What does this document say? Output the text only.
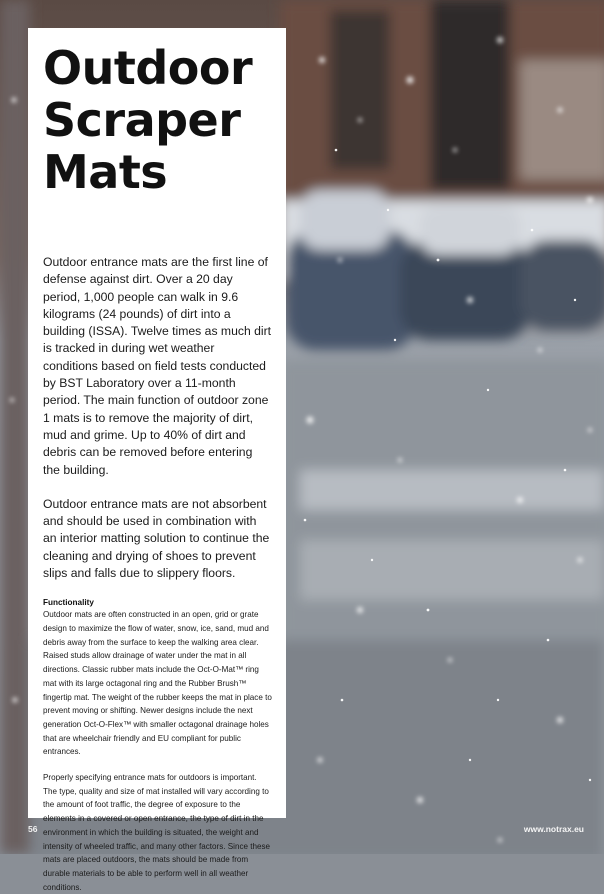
Outdoor
Scraper
Mats

Outdoor entrance mats are the first line of defense against dirt. Over a 20 day period, 1,000 people can walk in 9.6 kilograms (24 pounds) of dirt into a building (ISSA). Twelve times as much dirt is tracked in during wet weather conditions based on field tests conducted by BST Laboratory over a 11-month period. The main function of outdoor zone 1 mats is to remove the majority of dirt, mud and grime. Up to 40% of dirt and debris can be removed before entering the building.

Outdoor entrance mats are not absorbent and should be used in combination with an interior matting solution to continue the cleaning and drying of shoes to prevent slips and falls due to slippery floors.

Functionality

Outdoor mats are often constructed in an open, grid or grate design to maximize the flow of water, snow, ice, sand, mud and debris away from the surface to keep the walking area clear. Raised studs allow drainage of water under the mat in all directions. Classic rubber mats include the Oct-O-Mat™ ring mat with its large octagonal ring and the Rubber Brush™ fingertip mat. The weight of the rubber keeps the mat in place to prevent moving or shifting. Newer designs include the next generation Oct-O-Flex™ with smaller octagonal drainage holes that are wheelchair friendly and EU compliant for public entrances.

Properly specifying entrance mats for outdoors is important. The type, quality and size of mat installed will vary according to the amount of foot traffic, the degree of exposure to the elements in a covered or open entrance, the type of dirt in the environment in which the building is situated, the weight and intensity of wheeled traffic, and many other factors. Since these mats are placed outdoors, the mats should be made from durable materials to be able to perform well in all weather conditions.

56	www.notrax.eu
